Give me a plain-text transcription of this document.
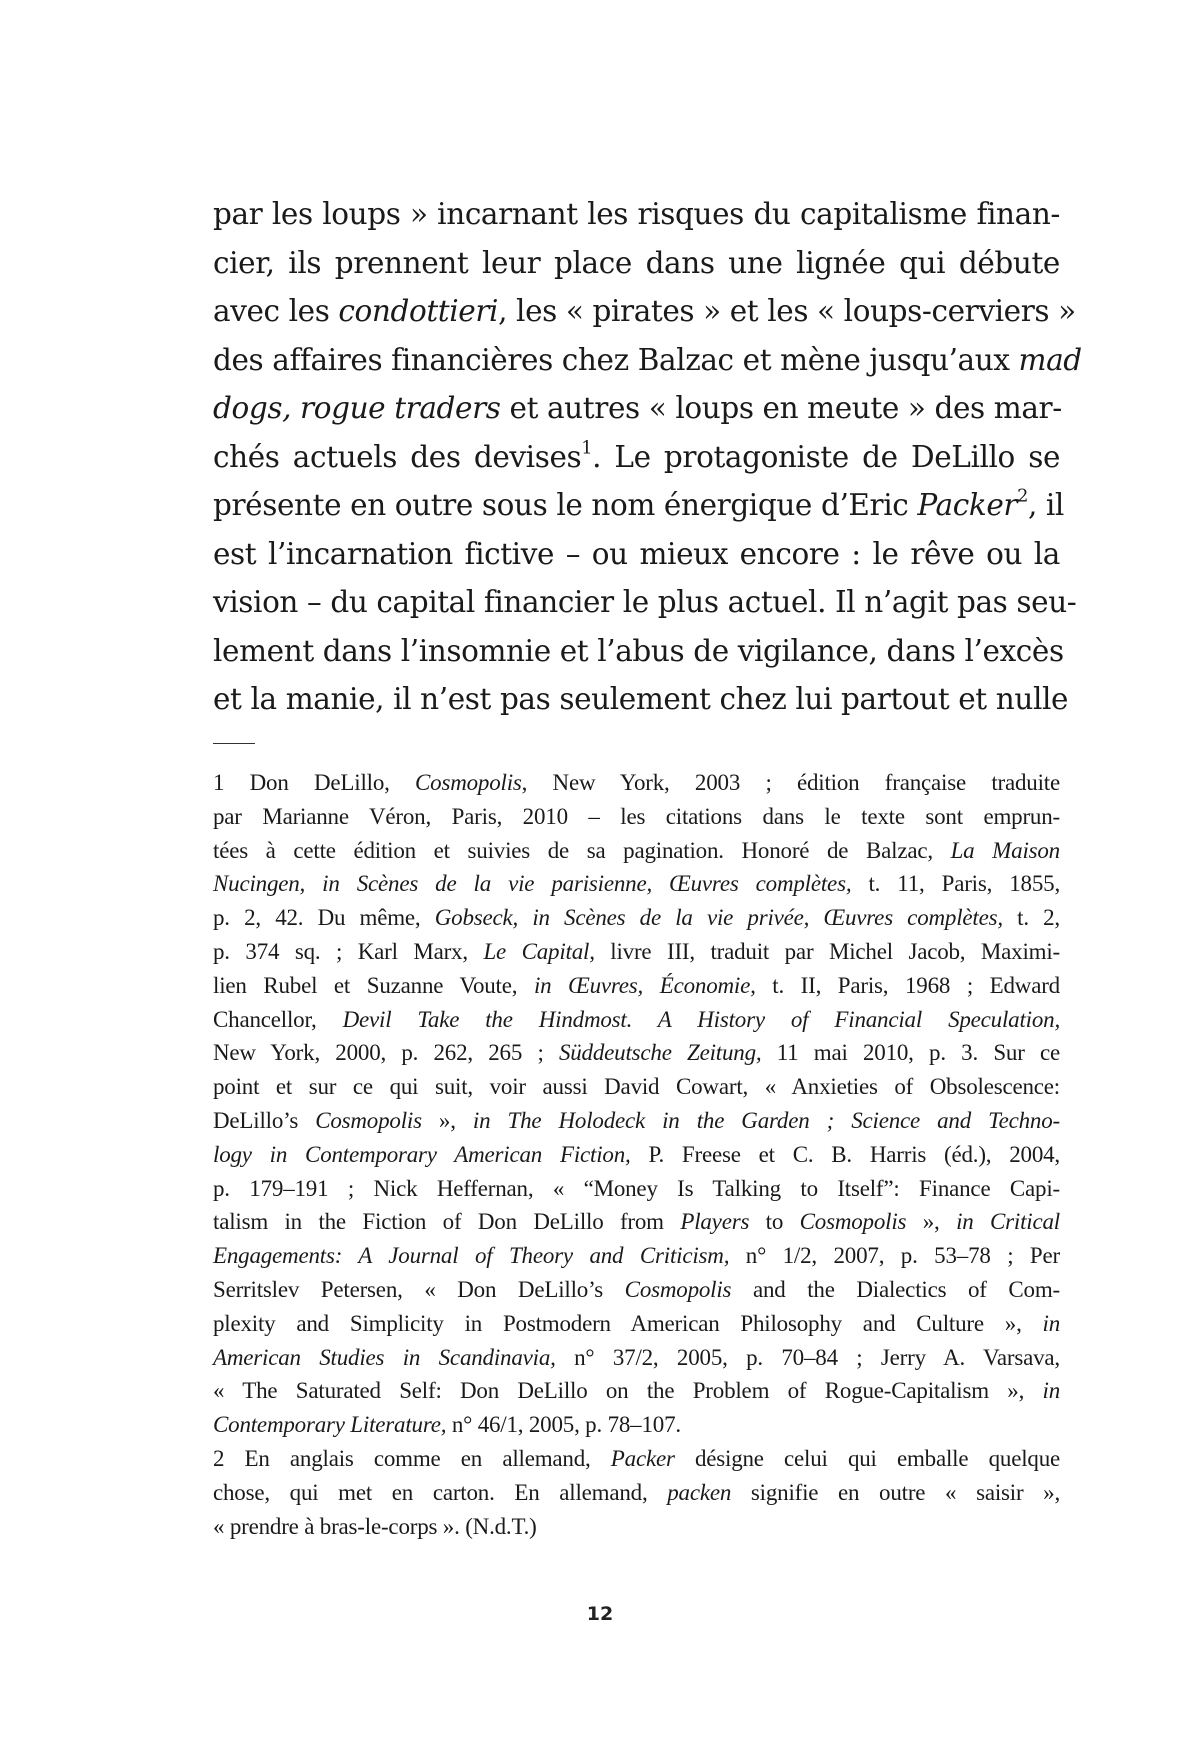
par les loups » incarnant les risques du capitalisme finan-
cier, ils prennent leur place dans une lignée qui débute
avec les condottieri, les « pirates » et les « loups-cerviers »
des affaires financières chez Balzac et mène jusqu’aux mad
dogs, rogue traders et autres « loups en meute » des mar-
chés actuels des devises$^1$. Le protagoniste de DeLillo se
présente en outre sous le nom énergique d’Eric Packer$^2$, il
est l’incarnation fictive – ou mieux encore : le rêve ou la
vision – du capital financier le plus actuel. Il n’agit pas seu-
lement dans l’insomnie et l’abus de vigilance, dans l’excès
et la manie, il n’est pas seulement chez lui partout et nulle
1 Don DeLillo, Cosmopolis, New York, 2003 ; édition française traduite
par Marianne Véron, Paris, 2010 – les citations dans le texte sont emprun-
tées à cette édition et suivies de sa pagination. Honoré de Balzac, La Maison
Nucingen, in Scènes de la vie parisienne, Œuvres complètes, t. 11, Paris, 1855,
p. 2, 42. Du même, Gobseck, in Scènes de la vie privée, Œuvres complètes, t. 2,
p. 374 sq. ; Karl Marx, Le Capital, livre III, traduit par Michel Jacob, Maximi-
lien Rubel et Suzanne Voute, in Œuvres, Économie, t. II, Paris, 1968 ; Edward
Chancellor, Devil Take the Hindmost. A History of Financial Speculation,
New York, 2000, p. 262, 265 ; Süddeutsche Zeitung, 11 mai 2010, p. 3. Sur ce
point et sur ce qui suit, voir aussi David Cowart, « Anxieties of Obsolescence:
DeLillo’s Cosmopolis », in The Holodeck in the Garden ; Science and Techno-
logy in Contemporary American Fiction, P. Freese et C. B. Harris (éd.), 2004,
p. 179–191 ; Nick Heffernan, « “Money Is Talking to Itself”: Finance Capi-
talism in the Fiction of Don DeLillo from Players to Cosmopolis », in Critical
Engagements: A Journal of Theory and Criticism, n° 1/2, 2007, p. 53–78 ; Per
Serritslev Petersen, « Don DeLillo’s Cosmopolis and the Dialectics of Com-
plexity and Simplicity in Postmodern American Philosophy and Culture », in
American Studies in Scandinavia, n° 37/2, 2005, p. 70–84 ; Jerry A. Varsava,
« The Saturated Self: Don DeLillo on the Problem of Rogue-Capitalism », in
Contemporary Literature, n° 46/1, 2005, p. 78–107.
2 En anglais comme en allemand, Packer désigne celui qui emballe quelque
chose, qui met en carton. En allemand, packen signifie en outre « saisir »,
« prendre à bras-le-corps ». (N.d.T.)
12
